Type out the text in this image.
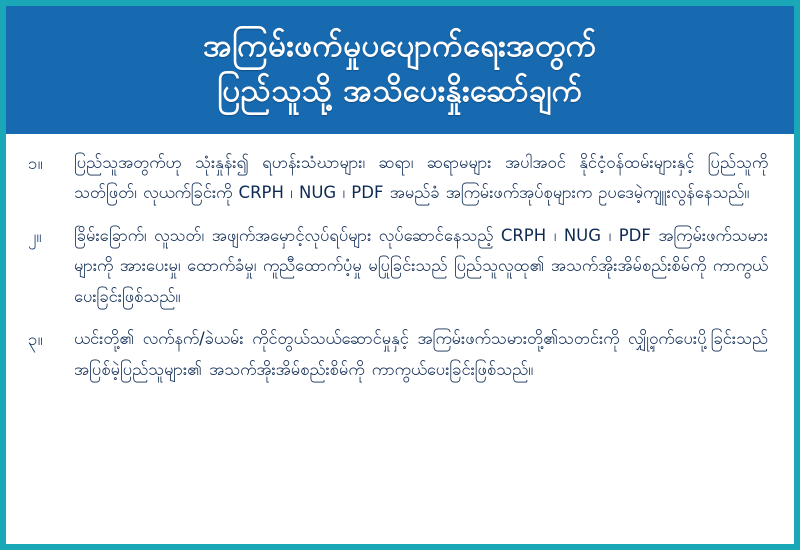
အကြမ်းဖက်မှုပပျောက်ရေးအတွက်
ပြည်သူသို့ အသိပေးနှိုးဆော်ချက်
၁။	ပြည်သူအတွက်ဟု သုံးနှုန်း၍ ရဟန်းသံဃာများ၊ ဆရာ၊ ဆရာမများ အပါအဝင် နိုင်ငံ့ဝန်ထမ်းများနှင့် ပြည်သူကိုသတ်ဖြတ်၊ လုယက်ခြင်းကို CRPH ၊ NUG ၊ PDF အမည်ခံ အကြမ်းဖက်အုပ်စုများက ဥပဒေမဲ့ကျူးလွန်နေသည်။
၂။	ခြိမ်းခြောက်၊ လူသတ်၊ အဖျက်အမှောင့်လုပ်ရပ်များ လုပ်ဆောင်နေသည့် CRPH ၊ NUG ၊ PDF အကြမ်းဖက်သမားများကို အားပေးမှု၊ ထောက်ခံမှု၊ ကူညီထောက်ပံ့မှု မပြုခြင်းသည် ပြည်သူလူထု၏ အသက်အိုးအိမ်စည်းစိမ်ကို ကာကွယ်ပေးခြင်းဖြစ်သည်။
၃။	ယင်းတို့၏ လက်နက်/ခဲယမ်း ကိုင်တွယ်သယ်ဆောင်မှုနှင့် အကြမ်းဖက်သမားတို့၏သတင်းကို လျှို့ဝှက်ပေးပို့ခြင်းသည် အပြစ်မဲ့ပြည်သူများ၏ အသက်အိုးအိမ်စည်းစိမ်ကို ကာကွယ်ပေးခြင်းဖြစ်သည်။
